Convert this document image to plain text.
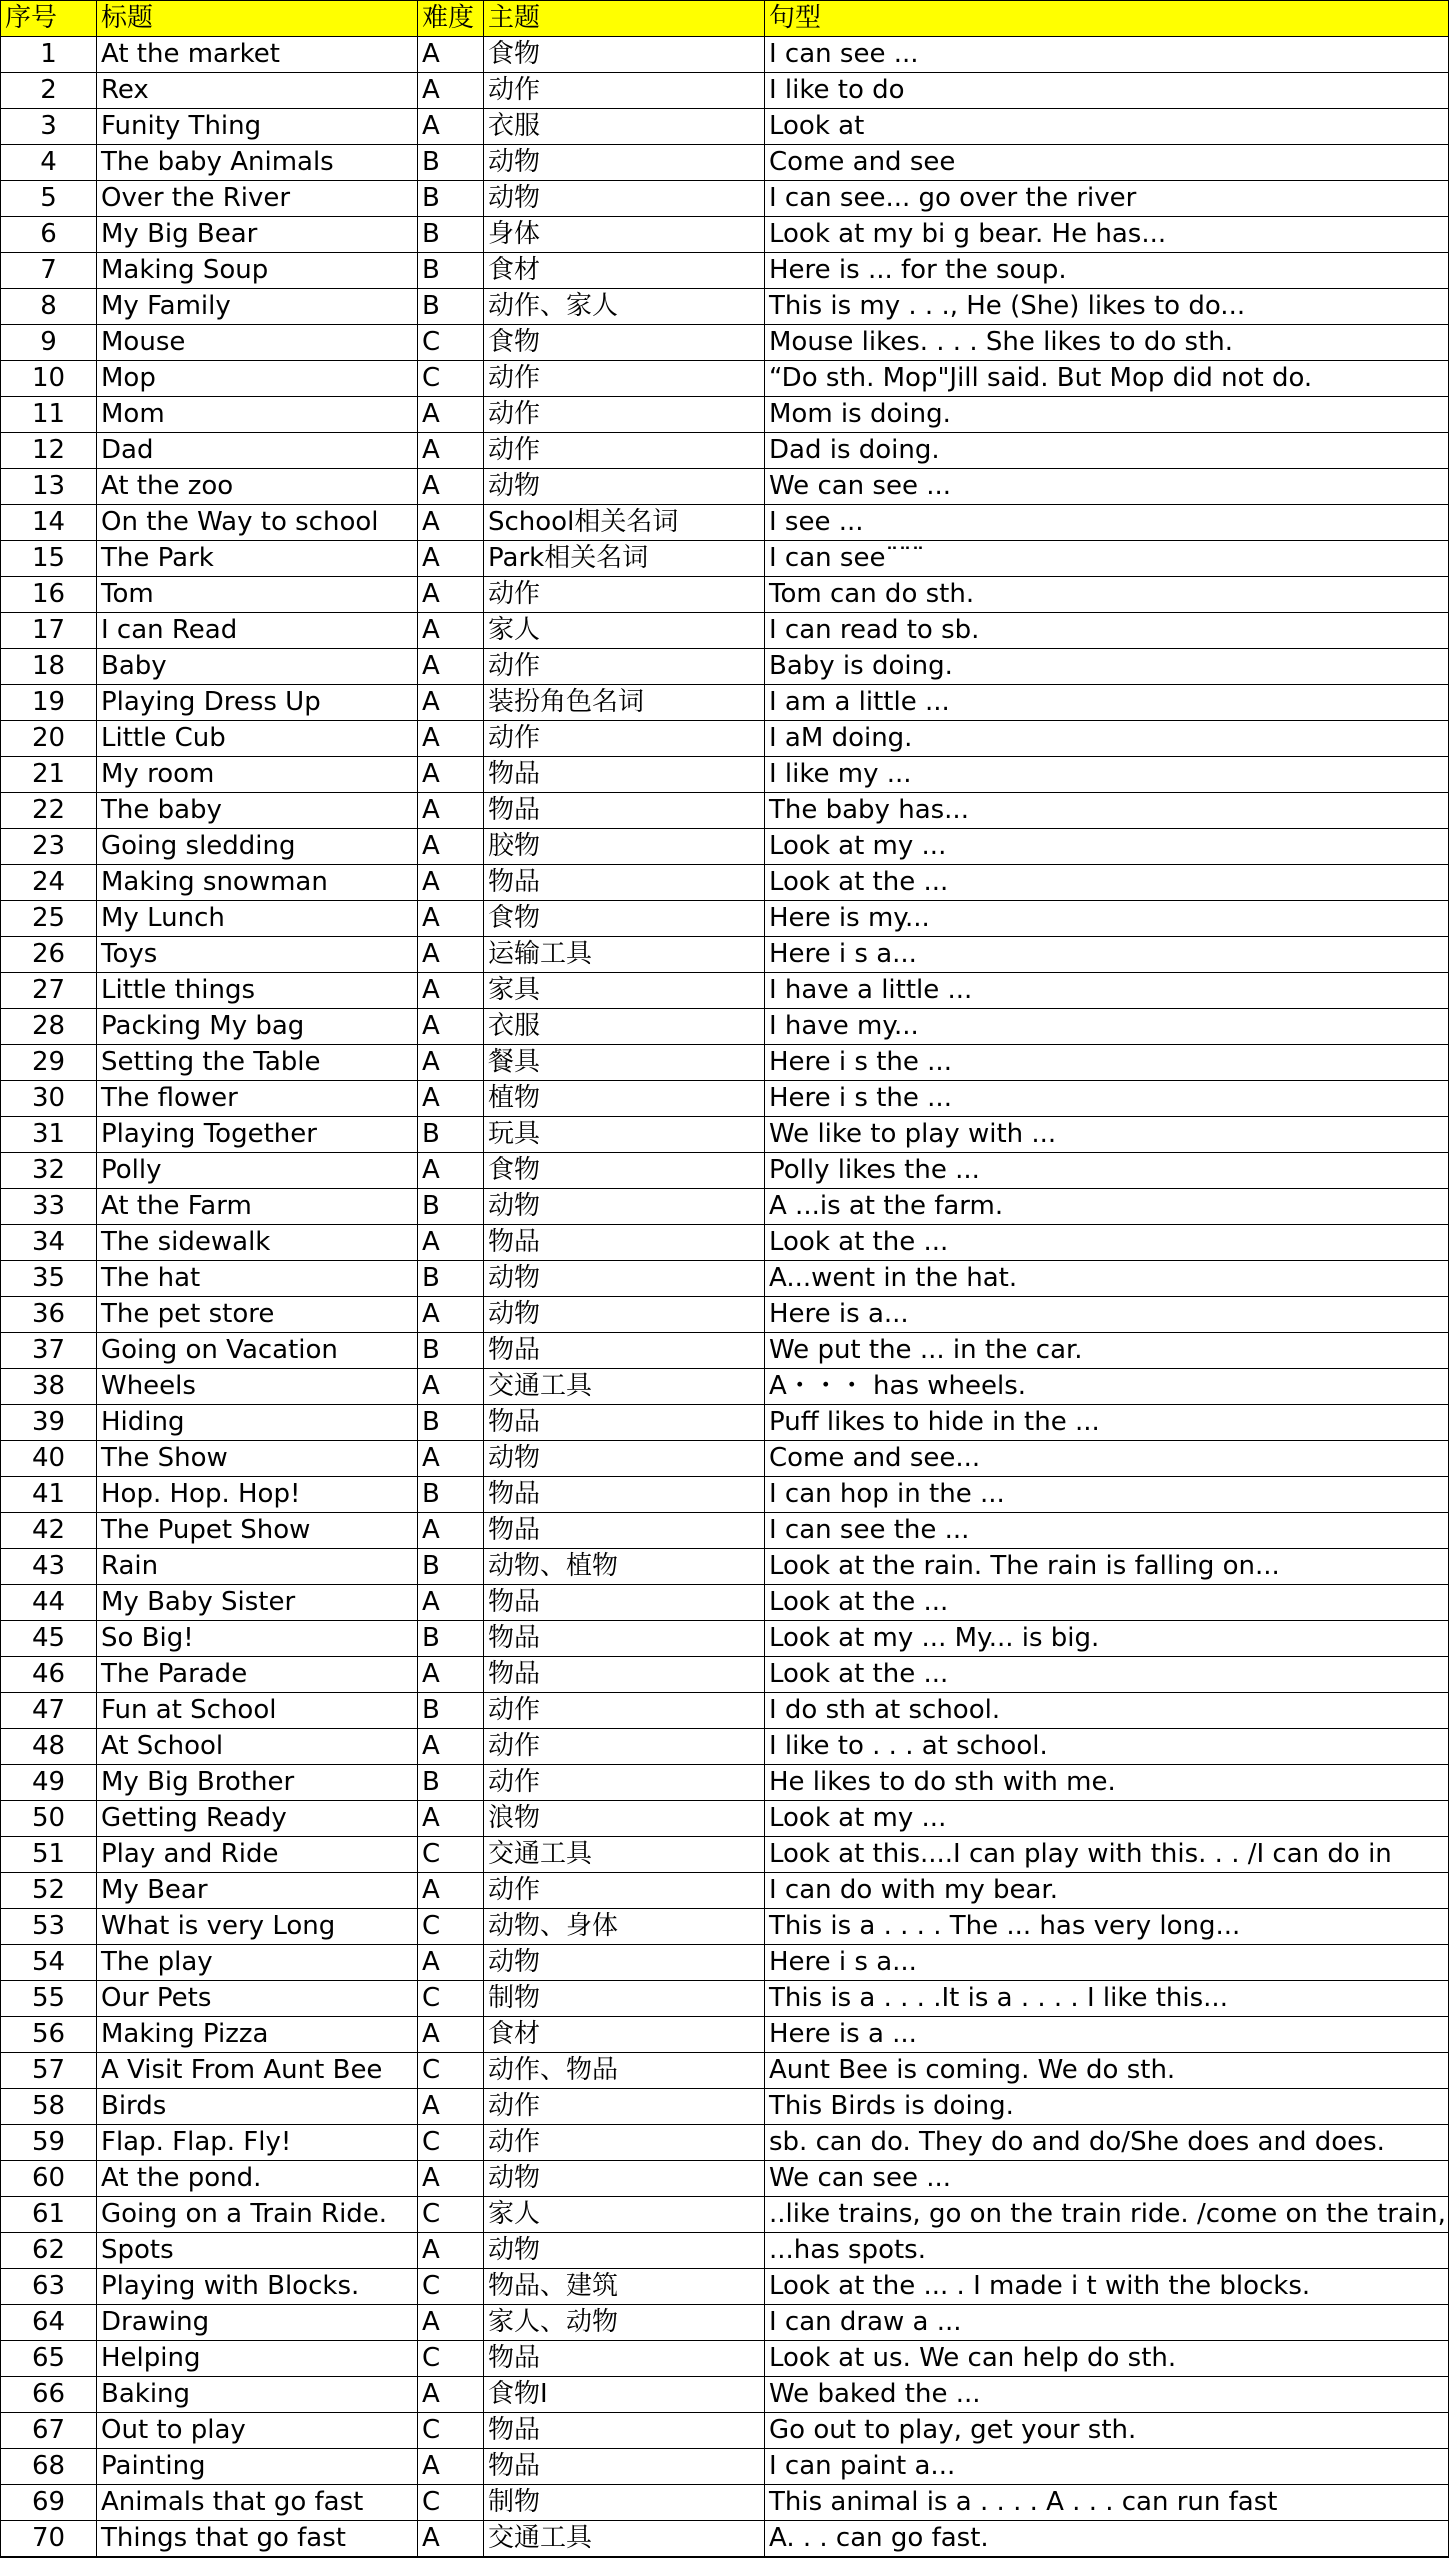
序号	标题	难度	主题	句型
1	At the market	A	食物	I can see ...
2	Rex	A	动作	I like to do
3	Funity Thing	A	衣服	Look at
4	The baby Animals	B	动物	Come and see
5	Over the River	B	动物	I can see... go over the river
6	My Big Bear	B	身体	Look at my bi g bear. He has...
7	Making Soup	B	食材	Here is ... for the soup.
8	My Family	B	动作、家人	This is my . . ., He (She) likes to do...
9	Mouse	C	食物	Mouse likes. . . . She likes to do sth.
10	Mop	C	动作	“Do sth. Mop"Jill said. But Mop did not do.
11	Mom	A	动作	Mom is doing.
12	Dad	A	动作	Dad is doing.
13	At the zoo	A	动物	We can see ...
14	On the Way to school	A	School相关名词	I see ...
15	The Park	A	Park相关名词	I can see¨¨¨
16	Tom	A	动作	Tom can do sth.
17	I can Read	A	家人	I can read to sb.
18	Baby	A	动作	Baby is doing.
19	Playing Dress Up	A	装扮角色名词	I am a little ...
20	Little Cub	A	动作	I aM doing.
21	My room	A	物品	I like my ...
22	The baby	A	物品	The baby has...
23	Going sledding	A	胶物	Look at my ...
24	Making snowman	A	物品	Look at the ...
25	My Lunch	A	食物	Here is my...
26	Toys	A	运输工具	Here i s a...
27	Little things	A	家具	I have a little ...
28	Packing My bag	A	衣服	I have my...
29	Setting the Table	A	餐具	Here i s the ...
30	The flower	A	植物	Here i s the ...
31	Playing Together	B	玩具	We like to play with ...
32	Polly	A	食物	Polly likes the ...
33	At the Farm	B	动物	A ...is at the farm.
34	The sidewalk	A	物品	Look at the ...
35	The hat	B	动物	A...went in the hat.
36	The pet store	A	动物	Here is a...
37	Going on Vacation	B	物品	We put the ... in the car.
38	Wheels	A	交通工具	A・・・ has wheels.
39	Hiding	B	物品	Puff likes to hide in the ...
40	The Show	A	动物	Come and see...
41	Hop. Hop. Hop!	B	物品	I can hop in the ...
42	The Pupet Show	A	物品	I can see the ...
43	Rain	B	动物、植物	Look at the rain. The rain is falling on...
44	My Baby Sister	A	物品	Look at the ...
45	So Big!	B	物品	Look at my ... My... is big.
46	The Parade	A	物品	Look at the ...
47	Fun at School	B	动作	I do sth at school.
48	At School	A	动作	I like to . . . at school.
49	My Big Brother	B	动作	He likes to do sth with me.
50	Getting Ready	A	浪物	Look at my ...
51	Play and Ride	C	交通工具	Look at this....I can play with this. . . /I can do in
52	My Bear	A	动作	I can do with my bear.
53	What is very Long	C	动物、身体	This is a . . . . The ... has very long...
54	The play	A	动物	Here i s a...
55	Our Pets	C	制物	This is a . . . .It is a . . . . I like this...
56	Making Pizza	A	食材	Here is a ...
57	A Visit From Aunt Bee	C	动作、物品	Aunt Bee is coming. We do sth.
58	Birds	A	动作	This Birds is doing.
59	Flap. Flap. Fly!	C	动作	sb. can do. They do and do/She does and does.
60	At the pond.	A	动物	We can see ...
61	Going on a Train Ride.	C	家人	..like trains, go on the train ride. /come on the train,
62	Spots	A	动物	...has spots.
63	Playing with Blocks.	C	物品、建筑	Look at the ... . I made i t with the blocks.
64	Drawing	A	家人、动物	I can draw a ...
65	Helping	C	物品	Look at us. We can help do sth.
66	Baking	A	食物I	We baked the ...
67	Out to play	C	物品	Go out to play, get your sth.
68	Painting	A	物品	I can paint a...
69	Animals that go fast	C	制物	This animal is a . . . . A . . . can run fast
70	Things that go fast	A	交通工具	A. . . can go fast.
